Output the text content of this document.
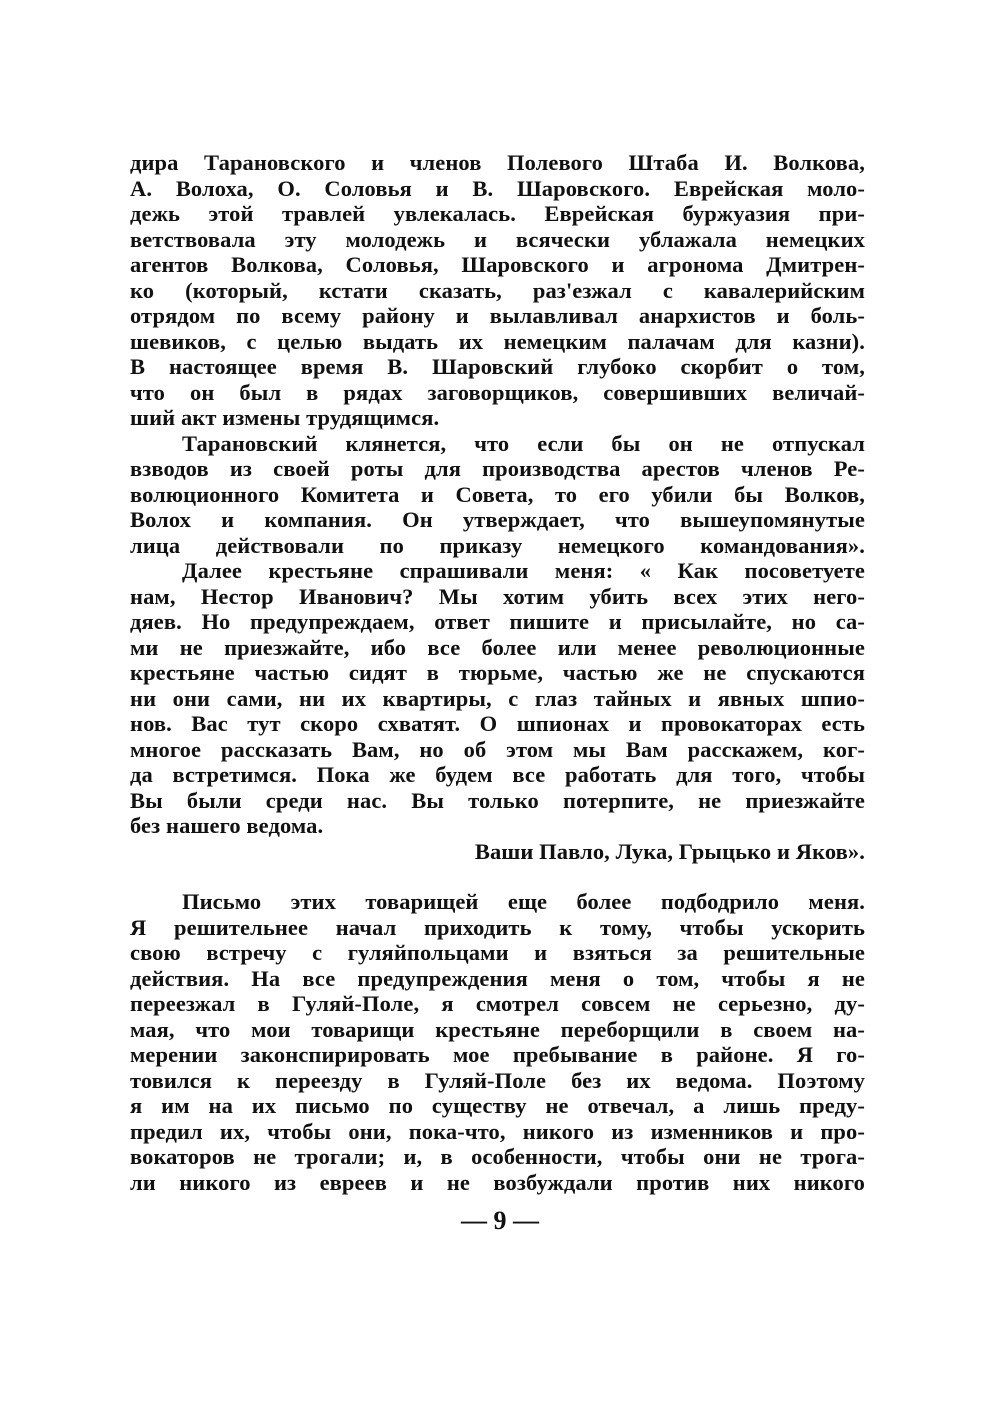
дира Тарановского и членов Полевого Штаба И. Волкова,
А. Волоха, О. Соловья и В. Шаровского. Еврейская моло-
дежь этой травлей увлекалась. Еврейская буржуазия при-
ветствовала эту молодежь и всячески ублажала немецких
агентов Волкова, Соловья, Шаровского и агронома Дмитрен-
ко (который, кстати сказать, раз'езжал с кавалерийским
отрядом по всему району и вылавливал анархистов и боль-
шевиков, с целью выдать их немецким палачам для казни).
В настоящее время В. Шаровский глубоко скорбит о том,
что он был в рядах заговорщиков, совершивших величай-
ший акт измены трудящимся.
Тарановский клянется, что если бы он не отпускал
взводов из своей роты для производства арестов членов Ре-
волюционного Комитета и Совета, то его убили бы Волков,
Волох и компания. Он утверждает, что вышеупомянутые
лица действовали по приказу немецкого командования».
Далее крестьяне спрашивали меня: « Как посоветуете
нам, Нестор Иванович? Мы хотим убить всех этих него-
дяев. Но предупреждаем, ответ пишите и присылайте, но са-
ми не приезжайте, ибо все более или менее революционные
крестьяне частью сидят в тюрьме, частью же не спускаются
ни они сами, ни их квартиры, с глаз тайных и явных шпио-
нов. Вас тут скоро схватят. О шпионах и провокаторах есть
многое рассказать Вам, но об этом мы Вам расскажем, ког-
да встретимся. Пока же будем все работать для того, чтобы
Вы были среди нас. Вы только потерпите, не приезжайте
без нашего ведома.
Ваши Павло, Лука, Грыцько и Яков».
Письмо этих товарищей еще более подбодрило меня.
Я решительнее начал приходить к тому, чтобы ускорить
свою встречу с гуляйпольцами и взяться за решительные
действия. На все предупреждения меня о том, чтобы я не
переезжал в Гуляй-Поле, я смотрел совсем не серьезно, ду-
мая, что мои товарищи крестьяне переборщили в своем на-
мерении законспирировать мое пребывание в районе. Я го-
товился к переезду в Гуляй-Поле без их ведома. Поэтому
я им на их письмо по существу не отвечал, а лишь преду-
предил их, чтобы они, пока-что, никого из изменников и про-
вокаторов не трогали; и, в особенности, чтобы они не трога-
ли никого из евреев и не возбуждали против них никого
— 9 —
